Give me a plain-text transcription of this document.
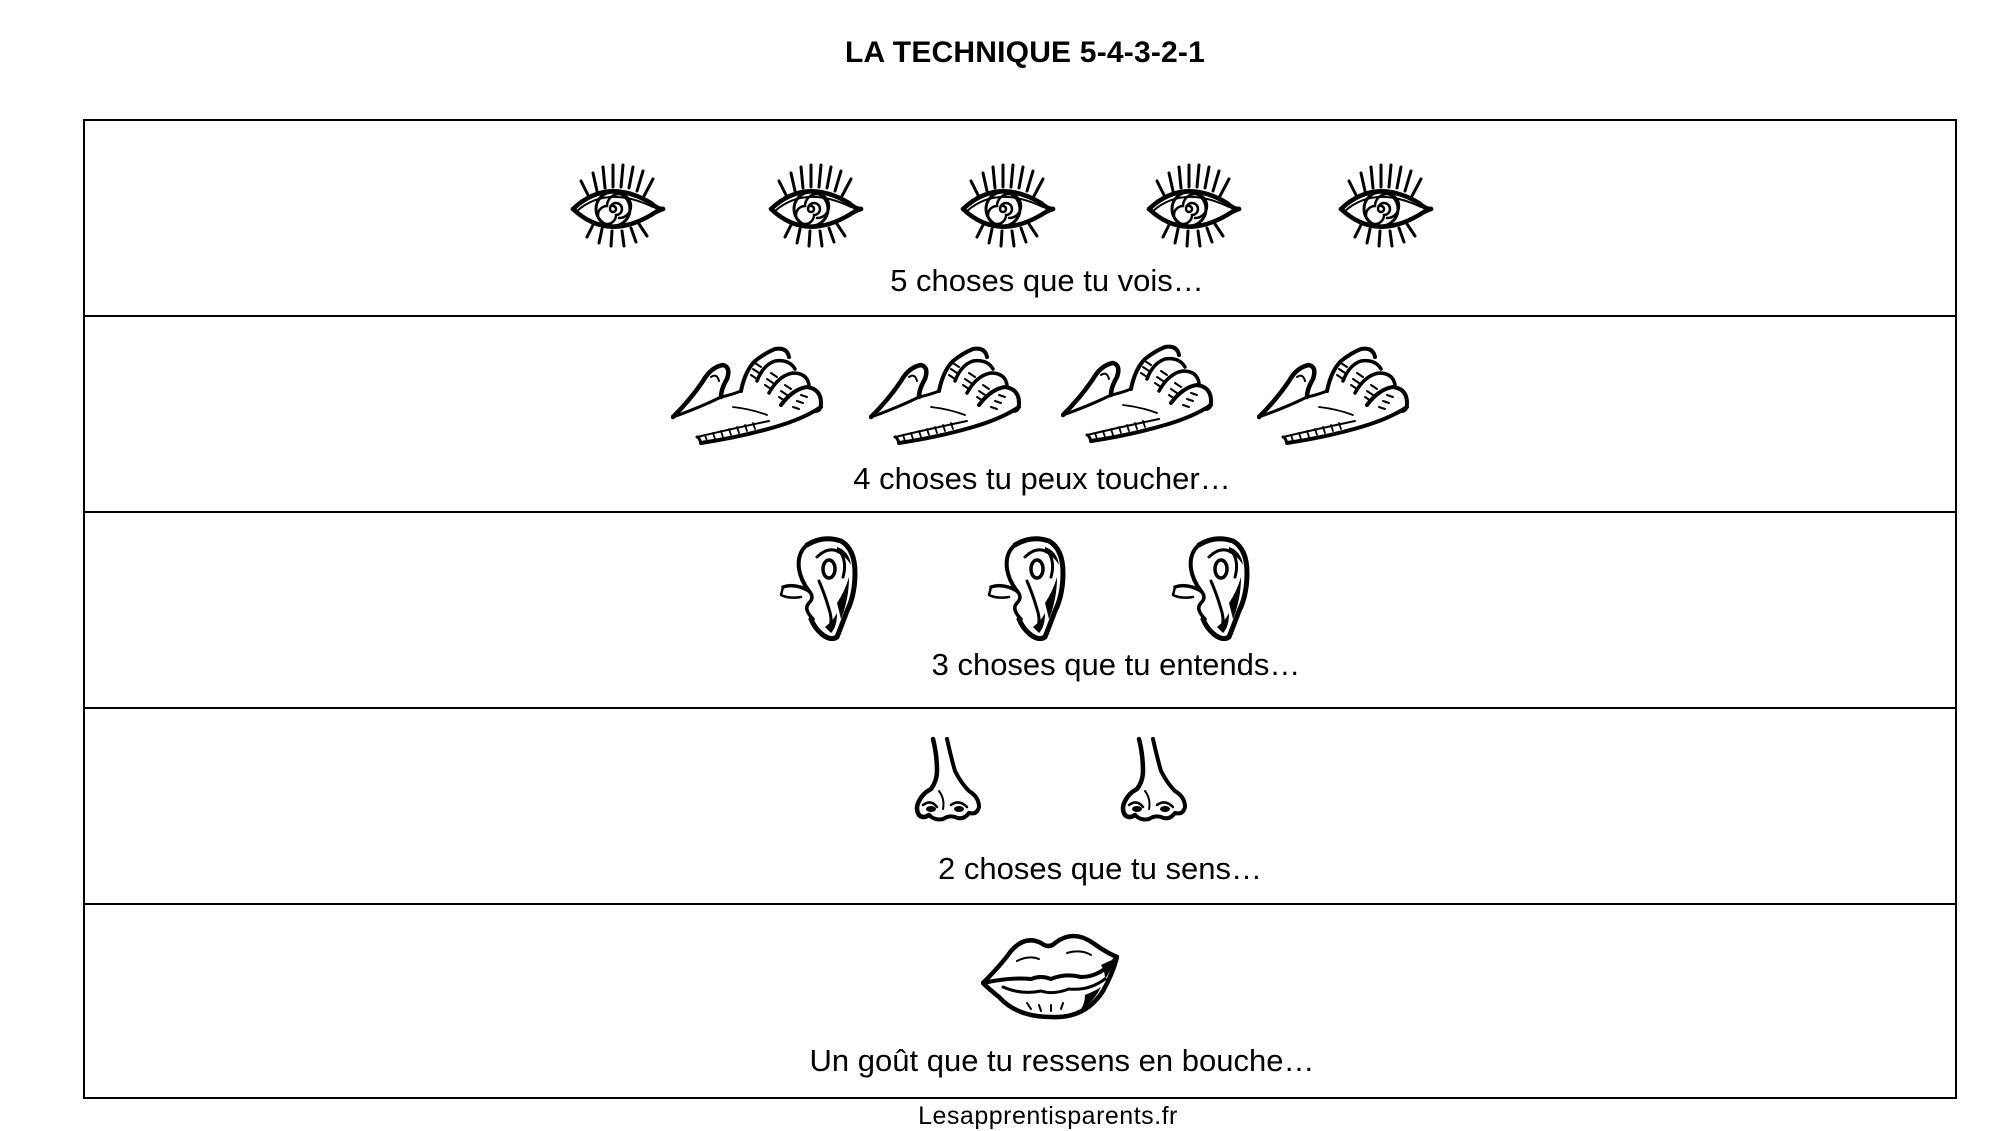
LA TECHNIQUE 5-4-3-2-1
5 choses que tu vois…
4 choses tu peux toucher…
3 choses que tu entends…
2 choses que tu sens…
Un goût que tu ressens en bouche…
Lesapprentisparents.fr
